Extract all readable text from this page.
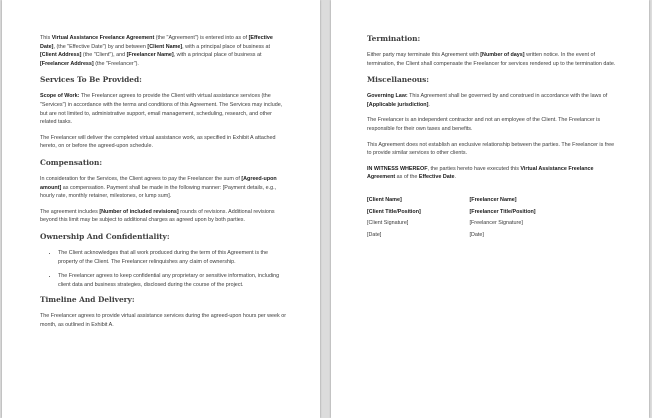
This Virtual Assistance Freelance Agreement (the "Agreement") is entered into as of [Effective Date], (the "Effective Date") by and between [Client Name], with a principal place of business at [Client Address] (the "Client"), and [Freelancer Name], with a principal place of business at [Freelancer Address] (the "Freelancer").

Services To Be Provided:

Scope of Work: The Freelancer agrees to provide the Client with virtual assistance services (the "Services") in accordance with the terms and conditions of this Agreement. The Services may include, but are not limited to, administrative support, email management, scheduling, research, and other related tasks.

The Freelancer will deliver the completed virtual assistance work, as specified in Exhibit A attached hereto, on or before the agreed-upon schedule.

Compensation:

In consideration for the Services, the Client agrees to pay the Freelancer the sum of [Agreed-upon amount] as compensation. Payment shall be made in the following manner: [Payment details, e.g., hourly rate, monthly retainer, milestones, or lump sum].

The agreement includes [Number of included revisions] rounds of revisions. Additional revisions beyond this limit may be subject to additional charges as agreed upon by both parties.

Ownership And Confidentiality:
• The Client acknowledges that all work produced during the term of this Agreement is the property of the Client. The Freelancer relinquishes any claim of ownership.
• The Freelancer agrees to keep confidential any proprietary or sensitive information, including client data and business strategies, disclosed during the course of the project.
Timeline And Delivery:

The Freelancer agrees to provide virtual assistance services during the agreed-upon hours per week or month, as outlined in Exhibit A.

Termination:

Either party may terminate this Agreement with [Number of days] written notice. In the event of termination, the Client shall compensate the Freelancer for services rendered up to the termination date.

Miscellaneous:

Governing Law: This Agreement shall be governed by and construed in accordance with the laws of [Applicable jurisdiction].

The Freelancer is an independent contractor and not an employee of the Client. The Freelancer is responsible for their own taxes and benefits.

This Agreement does not establish an exclusive relationship between the parties. The Freelancer is free to provide similar services to other clients.

IN WITNESS WHEREOF, the parties hereto have executed this Virtual Assistance Freelance Agreement as of the Effective Date.

[Client Name]

[Client Title/Position]

[Client Signature]

[Date]

[Freelancer Name]

[Freelancer Title/Position]

[Freelancer Signature]

[Date]
